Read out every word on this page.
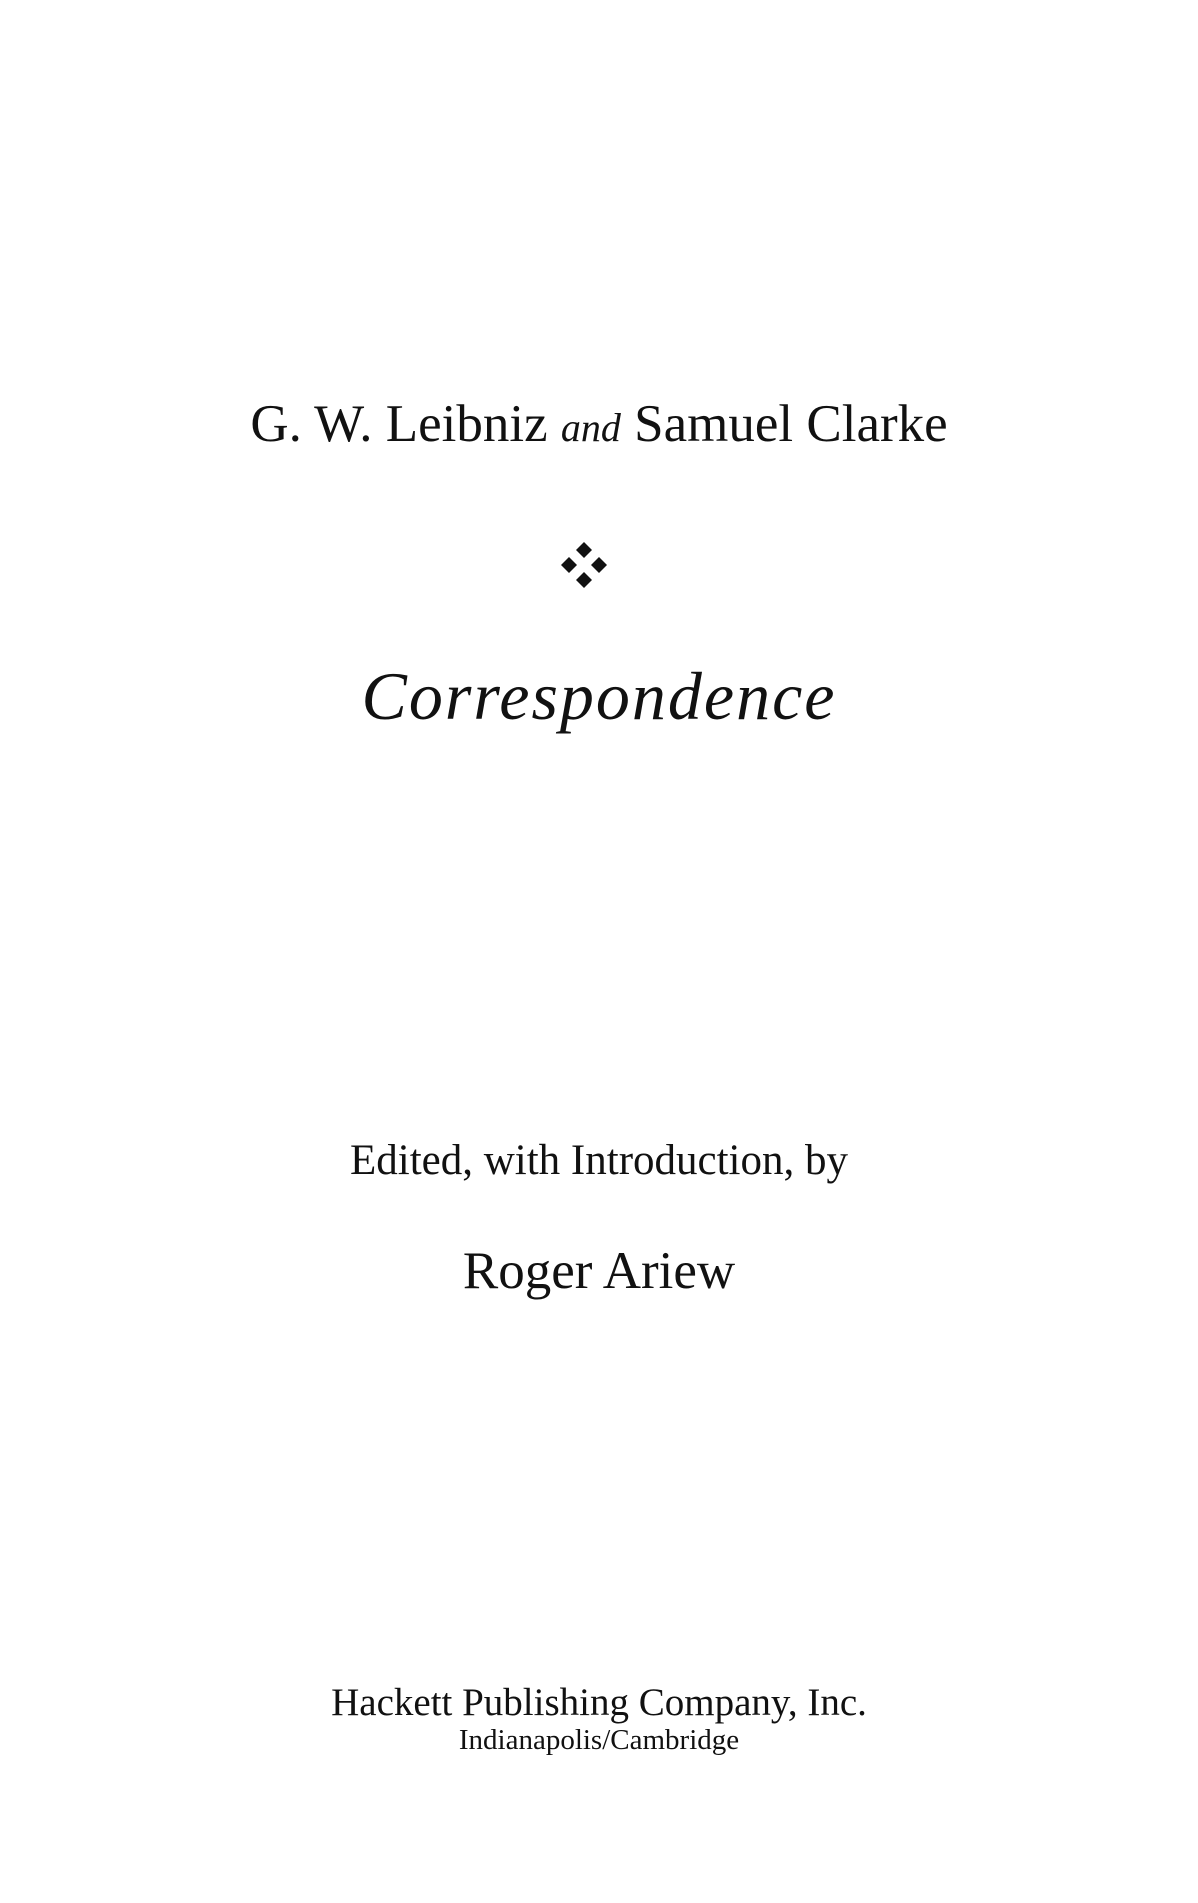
G. W. Leibniz and Samuel Clarke
Correspondence
Edited, with Introduction, by
Roger Ariew
Hackett Publishing Company, Inc.
Indianapolis/Cambridge
